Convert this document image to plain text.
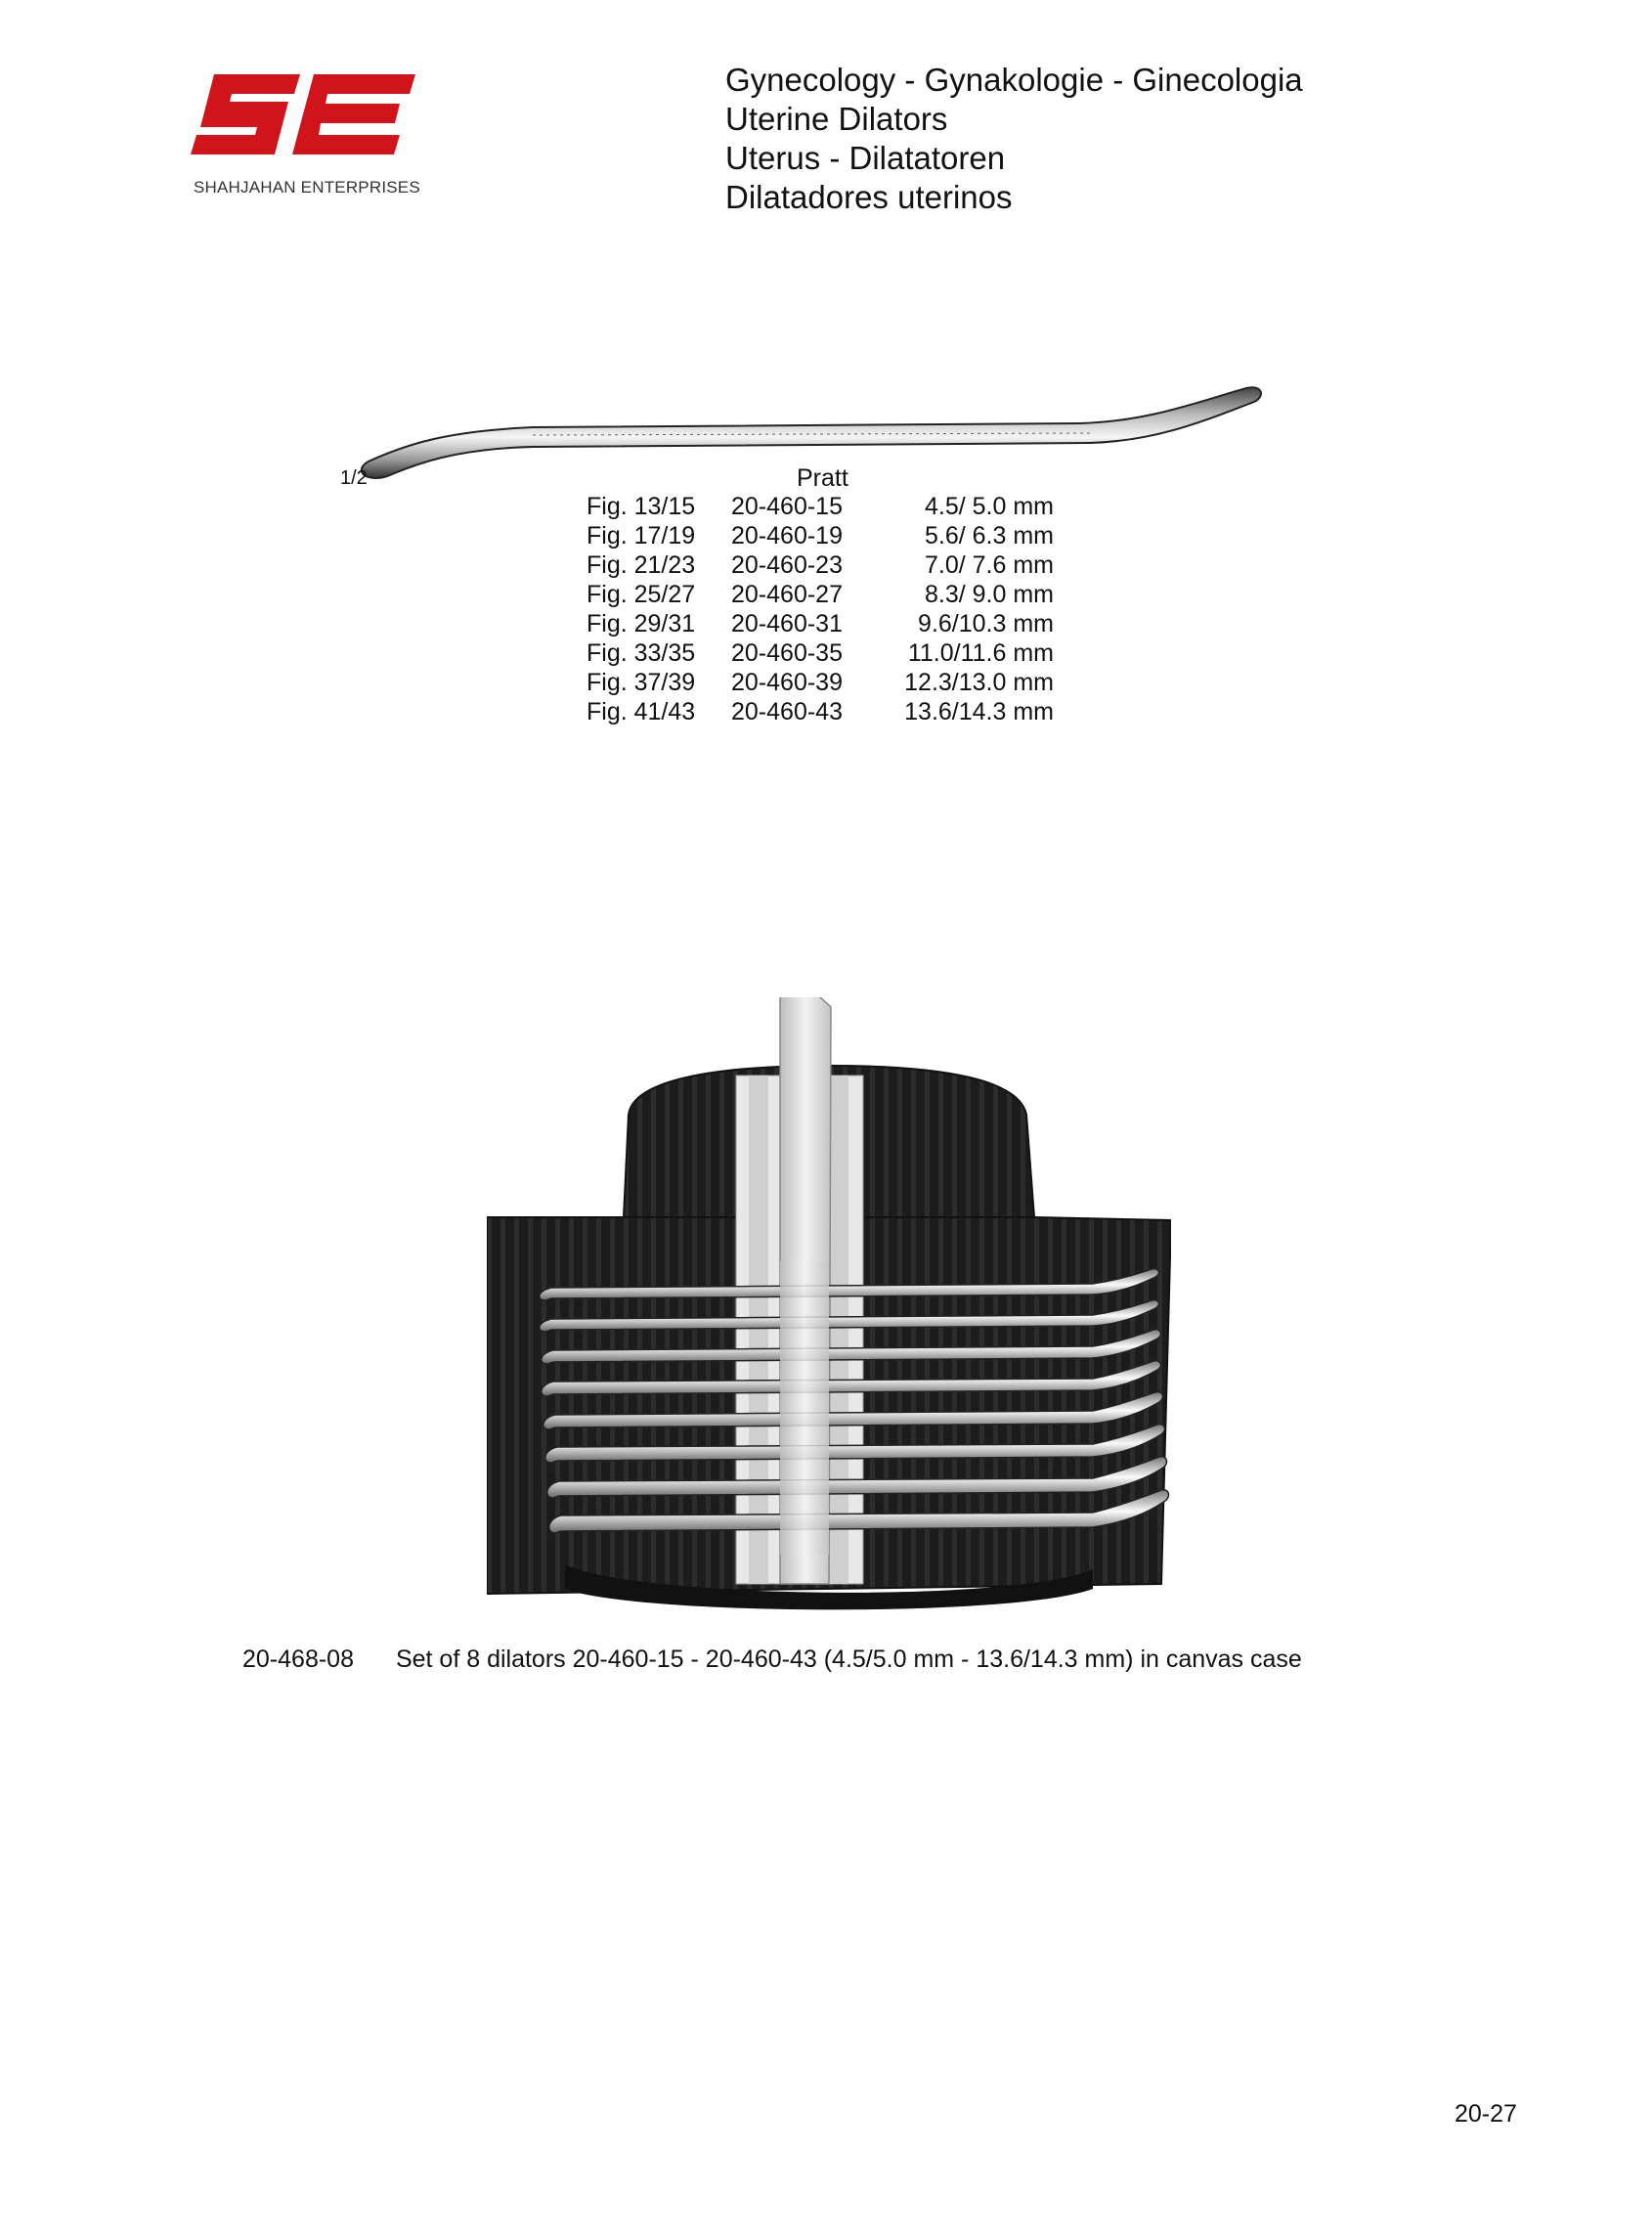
SHAHJAHAN ENTERPRISES
Gynecology - Gynakologie - Ginecologia
Uterine Dilators
Uterus - Dilatatoren
Dilatadores uterinos
1/2	Pratt
Fig. 13/15	20-460-15	4.5/ 5.0 mm
Fig. 17/19	20-460-19	5.6/ 6.3 mm
Fig. 21/23	20-460-23	7.0/ 7.6 mm
Fig. 25/27	20-460-27	8.3/ 9.0 mm
Fig. 29/31	20-460-31	9.6/10.3 mm
Fig. 33/35	20-460-35	11.0/11.6 mm
Fig. 37/39	20-460-39	12.3/13.0 mm
Fig. 41/43	20-460-43	13.6/14.3 mm
20-468-08 Set of 8 dilators 20-460-15 - 20-460-43 (4.5/5.0 mm - 13.6/14.3 mm) in canvas case
20-27
